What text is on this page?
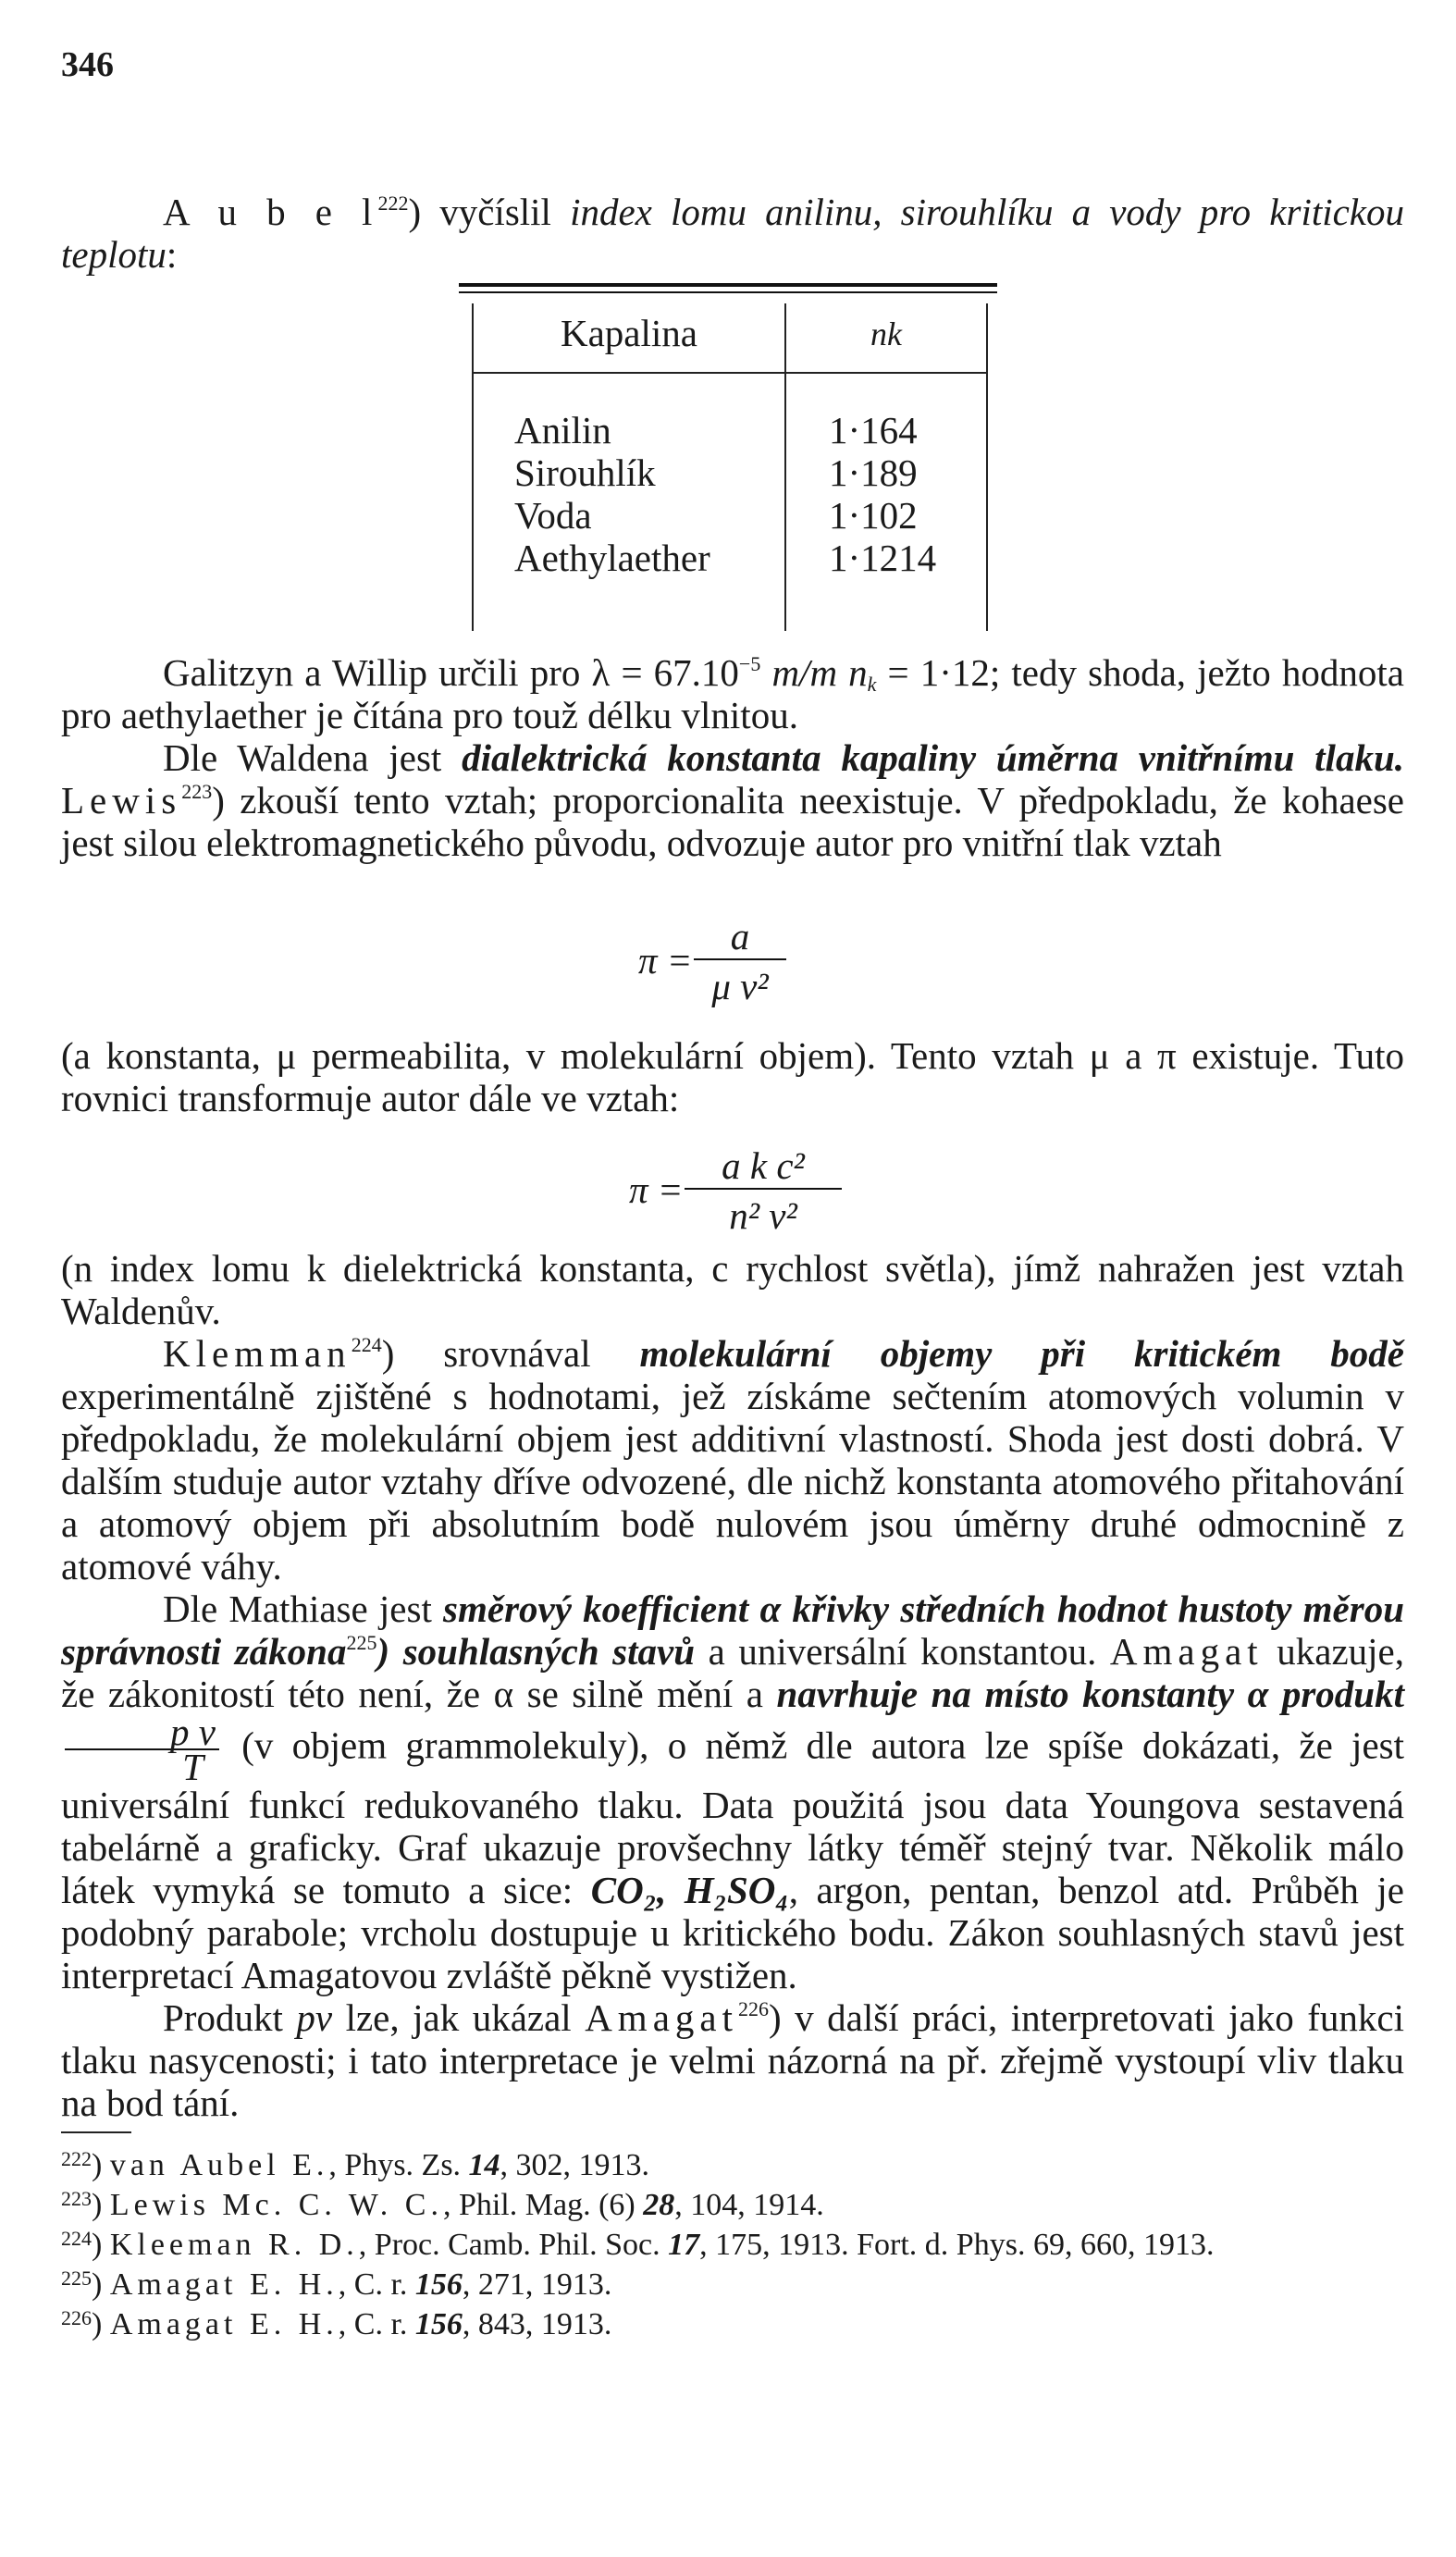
346

A u b e $l^{222}$) vyčíslil index lomu anilinu, sirouhlíku a vody pro kritickou teplotu:

Kapalina	nk
Anilin
Sirouhlík
Voda
Aethylaether
1·164
1·189
1·102
1·1214

Galitzyn a Willip určili pro $\lambda = 67.10^{-5}$ m/m $n_k = 1\cdot 12$; tedy shoda, ježto hodnota pro aethylaether je čítána pro touž délku vlnitou.

Dle Waldena jest dialektrická konstanta kapaliny úměrna vnitřnímu tlaku. Lewis$^{223}$) zkouší tento vztah; proporcionalita neexistuje. V předpokladu, že kohaese jest silou elektromagnetického původu, odvozuje autor pro vnitřní tlak vztah

π =
a
μ v²

(a konstanta, μ permeabilita, v molekulární objem). Tento vztah μ a π existuje. Tuto rovnici transformuje autor dále ve vztah:

π =
a k c²
n² v²

(n index lomu k dielektrická konstanta, c rychlost světla), jímž nahražen jest vztah Waldenův.

Klemman$^{224}$) srovnával molekulární objemy při kritickém bodě experimentálně zjištěné s hodnotami, jež získáme sečtením atomových volumin v předpokladu, že molekulární objem jest additivní vlastností. Shoda jest dosti dobrá. V dalším studuje autor vztahy dříve odvozené, dle nichž konstanta atomového přitahování a atomový objem při absolutním bodě nulovém jsou úměrny druhé odmocnině z atomové váhy.

Dle Mathiase jest směrový koefficient α křivky středních hodnot hustoty měrou správnosti zákona$^{225}$) souhlasných stavů a universální konstantou. Amagat ukazuje, že zákonitostí této není, že α se silně mění a navrhuje na místo konstanty α produkt
$\frac{\text{p v}}{T} (v$ objem grammolekuly), o němž dle autora lze spíše dokázati, že jest universální funkcí redukovaného tlaku. Data použitá jsou data Youngova sestavená tabelárně a graficky. Graf ukazuje provšechny látky téměř stejný tvar. Několik málo látek vymyká se tomuto a sice: CO₂, H₂SO₄, argon, pentan, benzol atd. Průběh je podobný parabole; vrcholu dostupuje u kritického bodu. Zákon souhlasných stavů jest interpretací Amagatovou zvláště pěkně vystižen.

Produkt pv lze, jak ukázal Amagat$^{226}$) v další práci, interpretovati jako funkci tlaku nasycenosti; i tato interpretace je velmi názorná na př. zřejmě vystoupí vliv tlaku na bod tání.

$^{222}$) van Aubel E., Phys. Zs. 14, 302, 1913.

$^{223}$) Lewis Mc. C. W. C., Phil. Mag. (6) 28, 104, 1914.

$^{224}$) Kleeman R. D., Proc. Camb. Phil. Soc. 17, 175, 1913. Fort. d. Phys. 69, 660, 1913.

$^{225}$) Amagat E. H., C. r. 156, 271, 1913.

$^{226}$) Amagat E. H., C. r. 156, 843, 1913.
